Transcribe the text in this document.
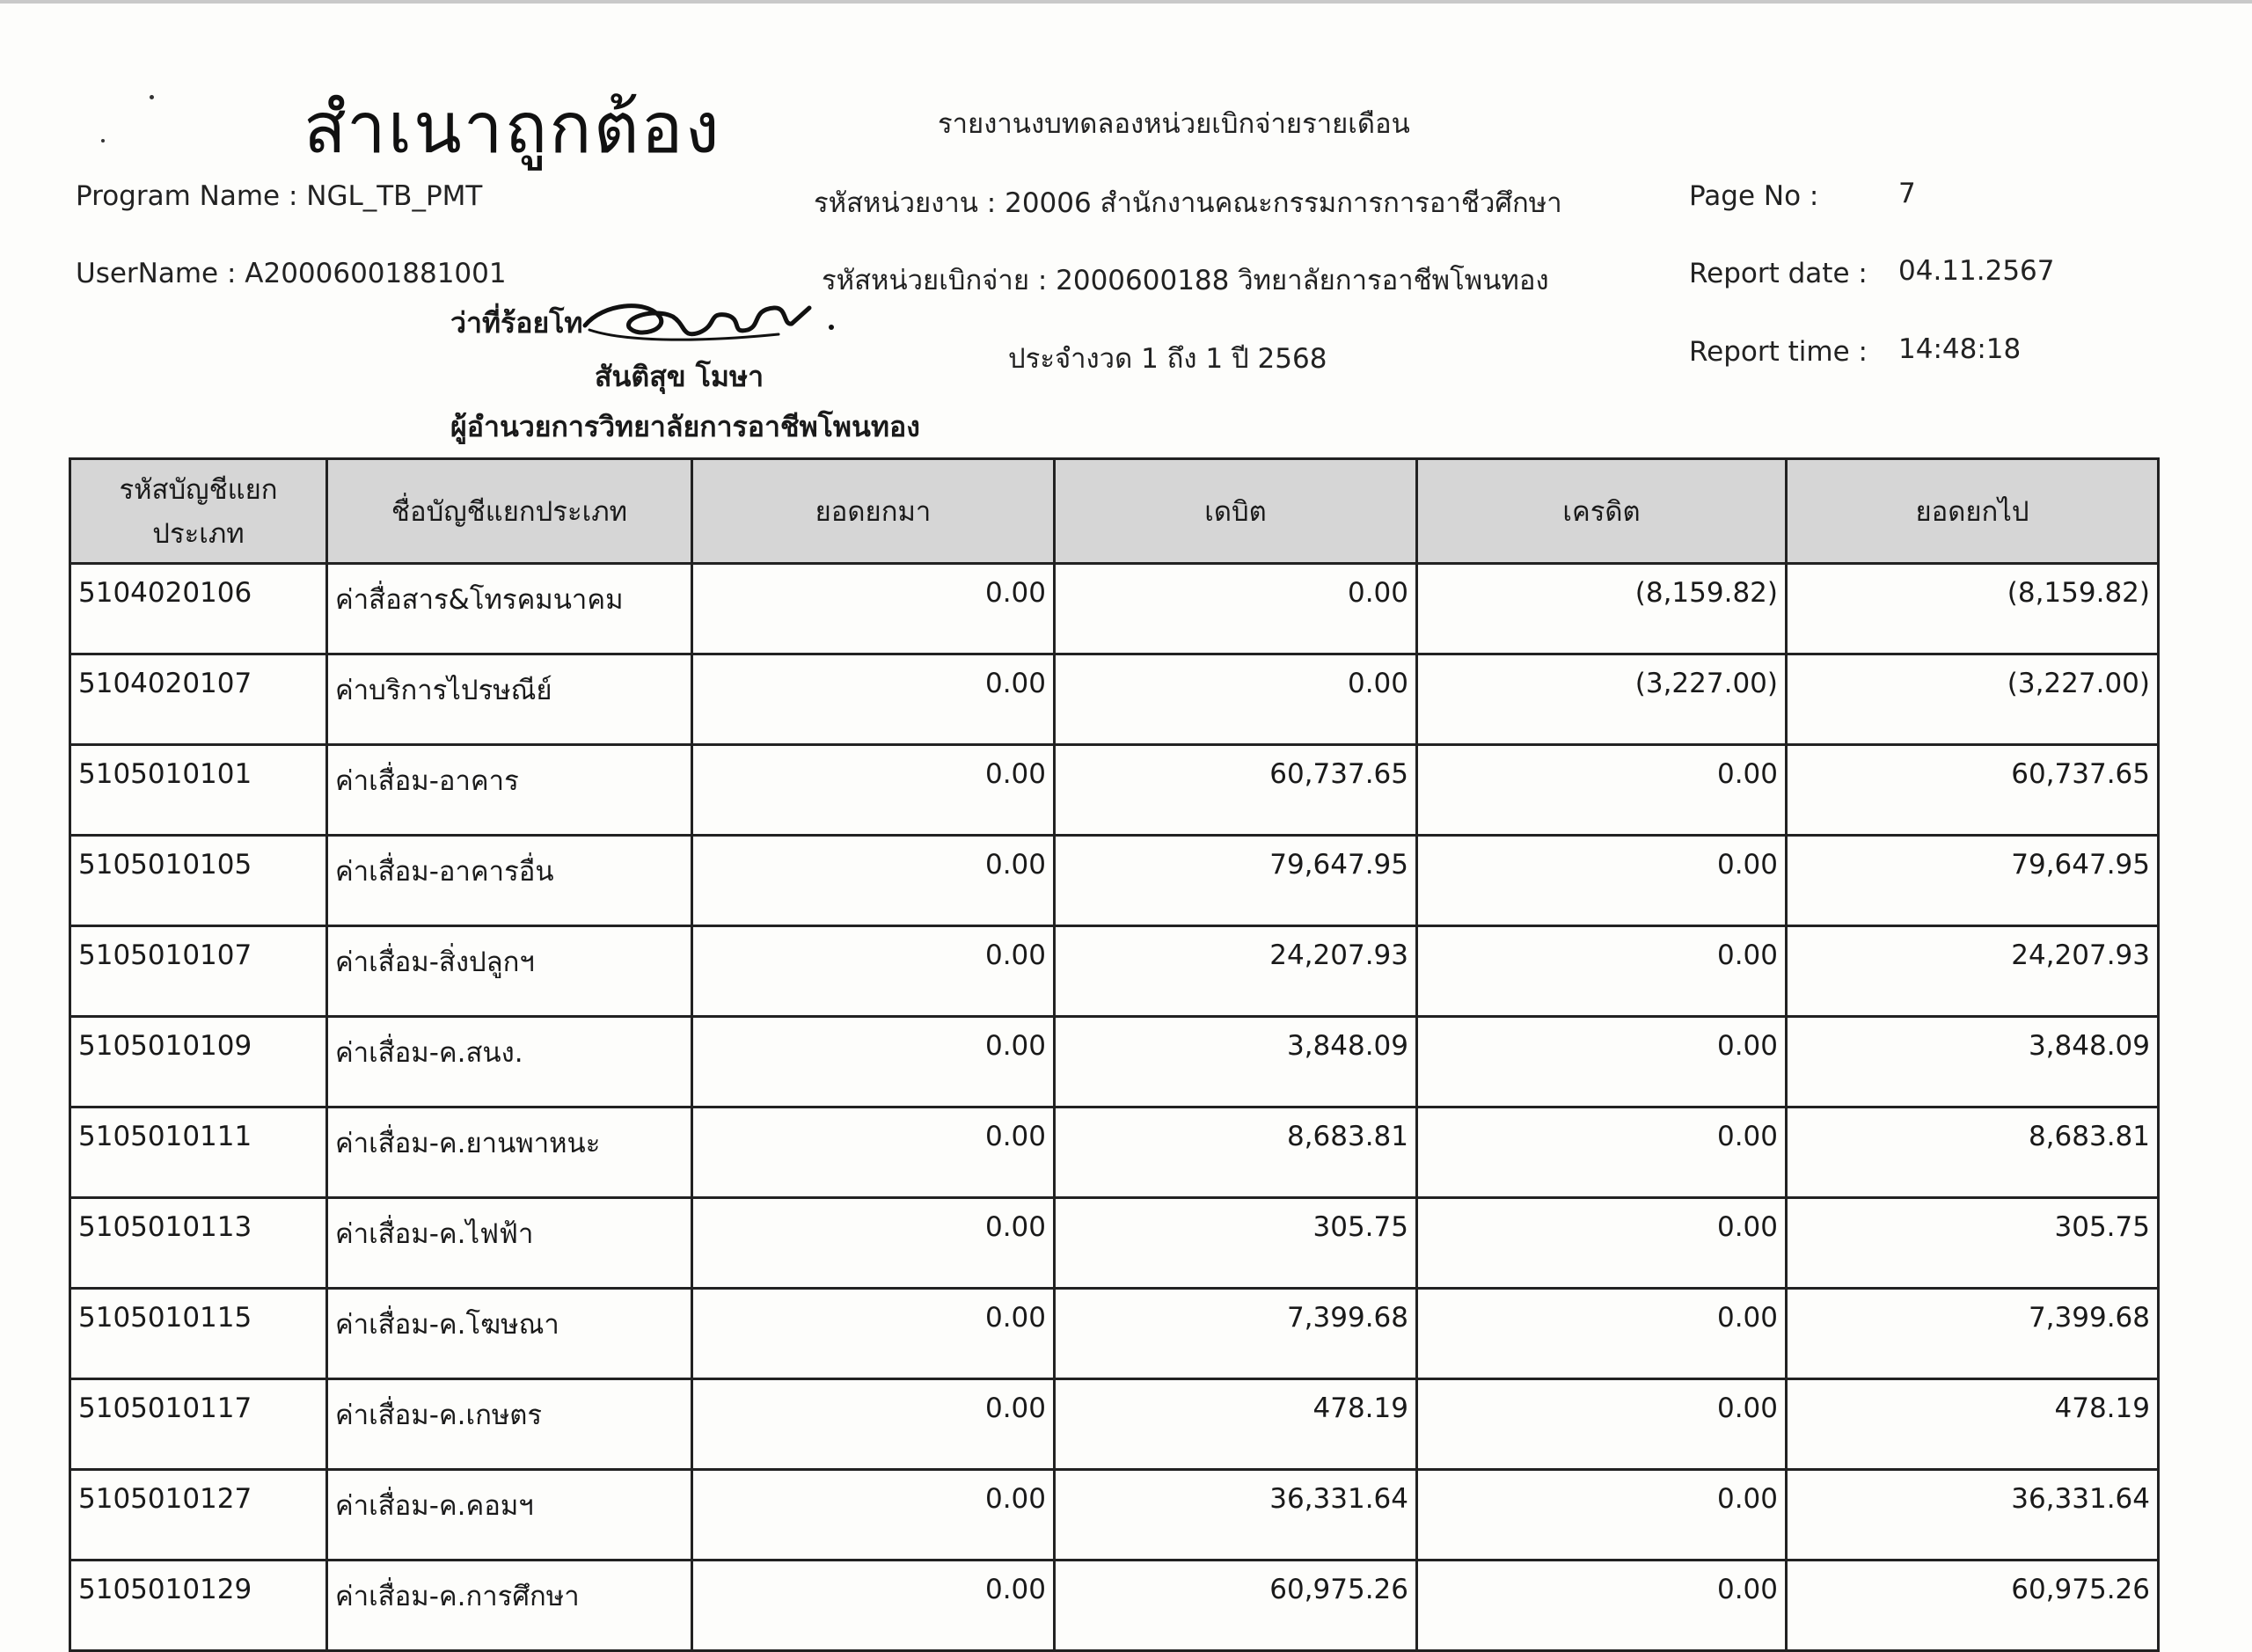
สำเนาถูกต้อง	รายงานงบทดลองหน่วยเบิกจ่ายรายเดือน
Program Name : NGL_TB_PMT
UserName : A20006001881001
รหัสหน่วยงาน : 20006 สำนักงานคณะกรรมการการอาชีวศึกษา
รหัสหน่วยเบิกจ่าย : 2000600188 วิทยาลัยการอาชีพโพนทอง
ประจำงวด 1 ถึง 1 ปี 2568
Page No :	7
Report date : 04.11.2567
Report time : 14:48:18
ว่าที่ร้อยโท
สันติสุข โมษา
ผู้อำนวยการวิทยาลัยการอาชีพโพนทอง
รหัสบัญชีแยกประเภท	ชื่อบัญชีแยกประเภท	ยอดยกมา	เดบิต	เครดิต	ยอดยกไป
5104020106	ค่าสื่อสาร&โทรคมนาคม	0.00	0.00	(8,159.82)	(8,159.82)
5104020107	ค่าบริการไปรษณีย์	0.00	0.00	(3,227.00)	(3,227.00)
5105010101	ค่าเสื่อม-อาคาร	0.00	60,737.65	0.00	60,737.65
5105010105	ค่าเสื่อม-อาคารอื่น	0.00	79,647.95	0.00	79,647.95
5105010107	ค่าเสื่อม-สิ่งปลูกฯ	0.00	24,207.93	0.00	24,207.93
5105010109	ค่าเสื่อม-ค.สนง.	0.00	3,848.09	0.00	3,848.09
5105010111	ค่าเสื่อม-ค.ยานพาหนะ	0.00	8,683.81	0.00	8,683.81
5105010113	ค่าเสื่อม-ค.ไฟฟ้า	0.00	305.75	0.00	305.75
5105010115	ค่าเสื่อม-ค.โฆษณา	0.00	7,399.68	0.00	7,399.68
5105010117	ค่าเสื่อม-ค.เกษตร	0.00	478.19	0.00	478.19
5105010127	ค่าเสื่อม-ค.คอมฯ	0.00	36,331.64	0.00	36,331.64
5105010129	ค่าเสื่อม-ค.การศึกษา	0.00	60,975.26	0.00	60,975.26
